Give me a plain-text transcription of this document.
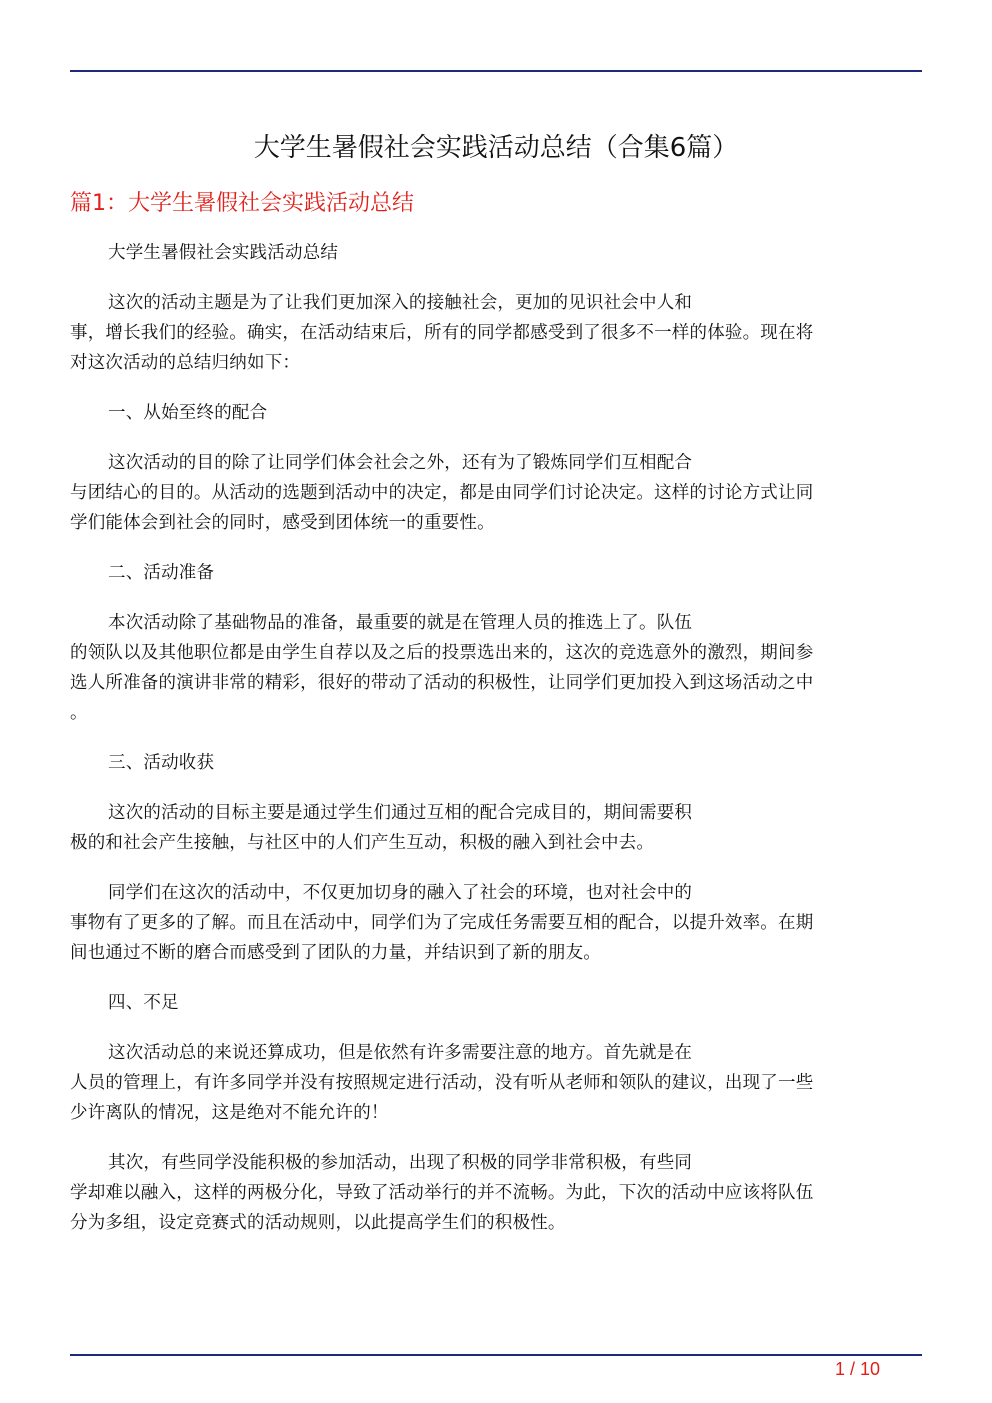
大学生暑假社会实践活动总结（合集6篇）
篇1：大学生暑假社会实践活动总结
大学生暑假社会实践活动总结
这次的活动主题是为了让我们更加深入的接触社会，更加的见识社会中人和
事，增长我们的经验。确实，在活动结束后，所有的同学都感受到了很多不一样的体验。现在将
对这次活动的总结归纳如下：
一、从始至终的配合
这次活动的目的除了让同学们体会社会之外，还有为了锻炼同学们互相配合
与团结心的目的。从活动的选题到活动中的决定，都是由同学们讨论决定。这样的讨论方式让同
学们能体会到社会的同时，感受到团体统一的重要性。
二、活动准备
本次活动除了基础物品的准备，最重要的就是在管理人员的推选上了。队伍
的领队以及其他职位都是由学生自荐以及之后的投票选出来的，这次的竞选意外的激烈，期间参
选人所准备的演讲非常的精彩，很好的带动了活动的积极性，让同学们更加投入到这场活动之中
。
三、活动收获
这次的活动的目标主要是通过学生们通过互相的配合完成目的，期间需要积
极的和社会产生接触，与社区中的人们产生互动，积极的融入到社会中去。
同学们在这次的活动中，不仅更加切身的融入了社会的环境，也对社会中的
事物有了更多的了解。而且在活动中，同学们为了完成任务需要互相的配合，以提升效率。在期
间也通过不断的磨合而感受到了团队的力量，并结识到了新的朋友。
四、不足
这次活动总的来说还算成功，但是依然有许多需要注意的地方。首先就是在
人员的管理上，有许多同学并没有按照规定进行活动，没有听从老师和领队的建议，出现了一些
少许离队的情况，这是绝对不能允许的！
其次，有些同学没能积极的参加活动，出现了积极的同学非常积极，有些同
学却难以融入，这样的两极分化，导致了活动举行的并不流畅。为此，下次的活动中应该将队伍
分为多组，设定竞赛式的活动规则，以此提高学生们的积极性。
1 / 10
